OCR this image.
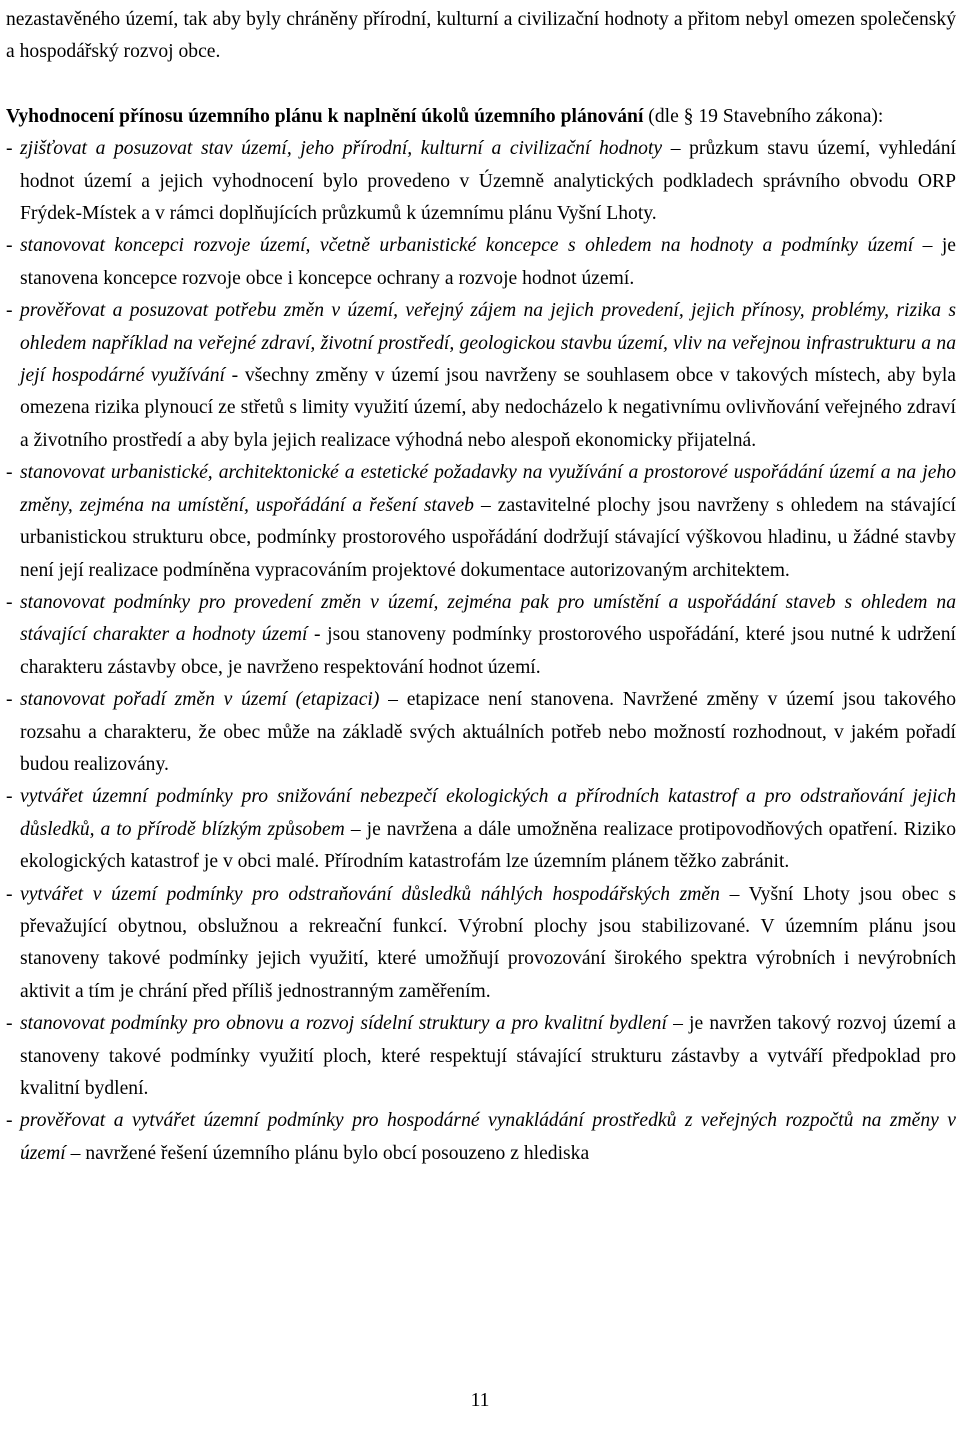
nezastavěného území, tak aby byly chráněny přírodní, kulturní a civilizační hodnoty a přitom nebyl omezen společenský a hospodářský rozvoj obce.

Vyhodnocení přínosu územního plánu k naplnění úkolů územního plánování (dle § 19 Stavebního zákona):

- zjišťovat a posuzovat stav území, jeho přírodní, kulturní a civilizační hodnoty – průzkum stavu území, vyhledání hodnot území a jejich vyhodnocení bylo provedeno v Územně analytických podkladech správního obvodu ORP Frýdek-Místek a v rámci doplňujících průzkumů k územnímu plánu Vyšní Lhoty.

- stanovovat koncepci rozvoje území, včetně urbanistické koncepce s ohledem na hodnoty a podmínky území – je stanovena koncepce rozvoje obce i koncepce ochrany a rozvoje hodnot území.

- prověřovat a posuzovat potřebu změn v území, veřejný zájem na jejich provedení, jejich přínosy, problémy, rizika s ohledem například na veřejné zdraví, životní prostředí, geologickou stavbu území, vliv na veřejnou infrastrukturu a na její hospodárné využívání - všechny změny v území jsou navrženy se souhlasem obce v takových místech, aby byla omezena rizika plynoucí ze střetů s limity využití území, aby nedocházelo k negativnímu ovlivňování veřejného zdraví a životního prostředí a aby byla jejich realizace výhodná nebo alespoň ekonomicky přijatelná.

- stanovovat urbanistické, architektonické a estetické požadavky na využívání a prostorové uspořádání území a na jeho změny, zejména na umístění, uspořádání a řešení staveb – zastavitelné plochy jsou navrženy s ohledem na stávající urbanistickou strukturu obce, podmínky prostorového uspořádání dodržují stávající výškovou hladinu, u žádné stavby není její realizace podmíněna vypracováním projektové dokumentace autorizovaným architektem.

- stanovovat podmínky pro provedení změn v území, zejména pak pro umístění a uspořádání staveb s ohledem na stávající charakter a hodnoty území - jsou stanoveny podmínky prostorového uspořádání, které jsou nutné k udržení charakteru zástavby obce, je navrženo respektování hodnot území.

- stanovovat pořadí změn v území (etapizaci) – etapizace není stanovena. Navržené změny v území jsou takového rozsahu a charakteru, že obec může na základě svých aktuálních potřeb nebo možností rozhodnout, v jakém pořadí budou realizovány.

- vytvářet územní podmínky pro snižování nebezpečí ekologických a přírodních katastrof a pro odstraňování jejich důsledků, a to přírodě blízkým způsobem – je navržena a dále umožněna realizace protipovodňových opatření. Riziko ekologických katastrof je v obci malé. Přírodním katastrofám lze územním plánem těžko zabránit.

- vytvářet v území podmínky pro odstraňování důsledků náhlých hospodářských změn – Vyšní Lhoty jsou obec s převažující obytnou, obslužnou a rekreační funkcí. Výrobní plochy jsou stabilizované. V územním plánu jsou stanoveny takové podmínky jejich využití, které umožňují provozování širokého spektra výrobních i nevýrobních aktivit a tím je chrání před příliš jednostranným zaměřením.

- stanovovat podmínky pro obnovu a rozvoj sídelní struktury a pro kvalitní bydlení – je navržen takový rozvoj území a stanoveny takové podmínky využití ploch, které respektují stávající strukturu zástavby a vytváří předpoklad pro kvalitní bydlení.

- prověřovat a vytvářet územní podmínky pro hospodárné vynakládání prostředků z veřejných rozpočtů na změny v území – navržené řešení územního plánu bylo obcí posouzeno z hlediska

11
